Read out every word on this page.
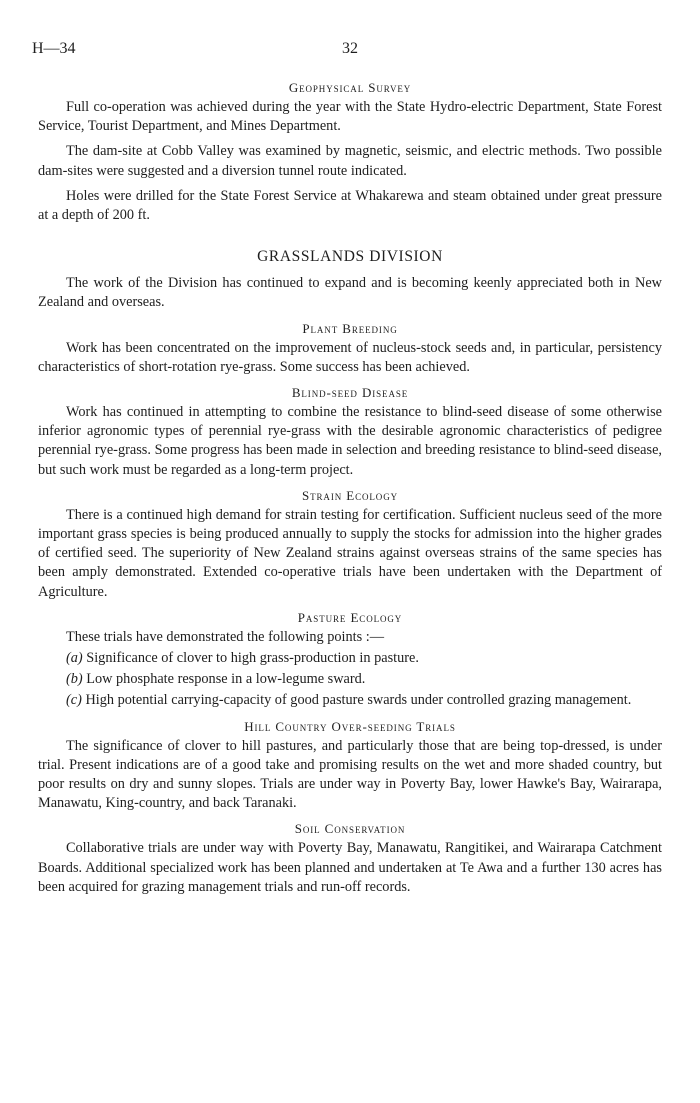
H—34	32
Geophysical Survey

Full co-operation was achieved during the year with the State Hydro-electric Department, State Forest Service, Tourist Department, and Mines Department.

The dam-site at Cobb Valley was examined by magnetic, seismic, and electric methods. Two possible dam-sites were suggested and a diversion tunnel route indicated.

Holes were drilled for the State Forest Service at Whakarewa and steam obtained under great pressure at a depth of 200 ft.

GRASSLANDS DIVISION

The work of the Division has continued to expand and is becoming keenly appreciated both in New Zealand and overseas.

Plant Breeding

Work has been concentrated on the improvement of nucleus-stock seeds and, in particular, persistency characteristics of short-rotation rye-grass. Some success has been achieved.

Blind-seed Disease

Work has continued in attempting to combine the resistance to blind-seed disease of some otherwise inferior agronomic types of perennial rye-grass with the desirable agronomic characteristics of pedigree perennial rye-grass. Some progress has been made in selection and breeding resistance to blind-seed disease, but such work must be regarded as a long-term project.

Strain Ecology

There is a continued high demand for strain testing for certification. Sufficient nucleus seed of the more important grass species is being produced annually to supply the stocks for admission into the higher grades of certified seed. The superiority of New Zealand strains against overseas strains of the same species has been amply demonstrated. Extended co-operative trials have been undertaken with the Department of Agriculture.

Pasture Ecology

These trials have demonstrated the following points :—

(a) Significance of clover to high grass-production in pasture.
(b) Low phosphate response in a low-legume sward.
(c) High potential carrying-capacity of good pasture swards under controlled grazing management.
Hill Country Over-seeding Trials

The significance of clover to hill pastures, and particularly those that are being top-dressed, is under trial. Present indications are of a good take and promising results on the wet and more shaded country, but poor results on dry and sunny slopes. Trials are under way in Poverty Bay, lower Hawke's Bay, Wairarapa, Manawatu, King-country, and back Taranaki.

Soil Conservation

Collaborative trials are under way with Poverty Bay, Manawatu, Rangitikei, and Wairarapa Catchment Boards. Additional specialized work has been planned and undertaken at Te Awa and a further 130 acres has been acquired for grazing management trials and run-off records.
